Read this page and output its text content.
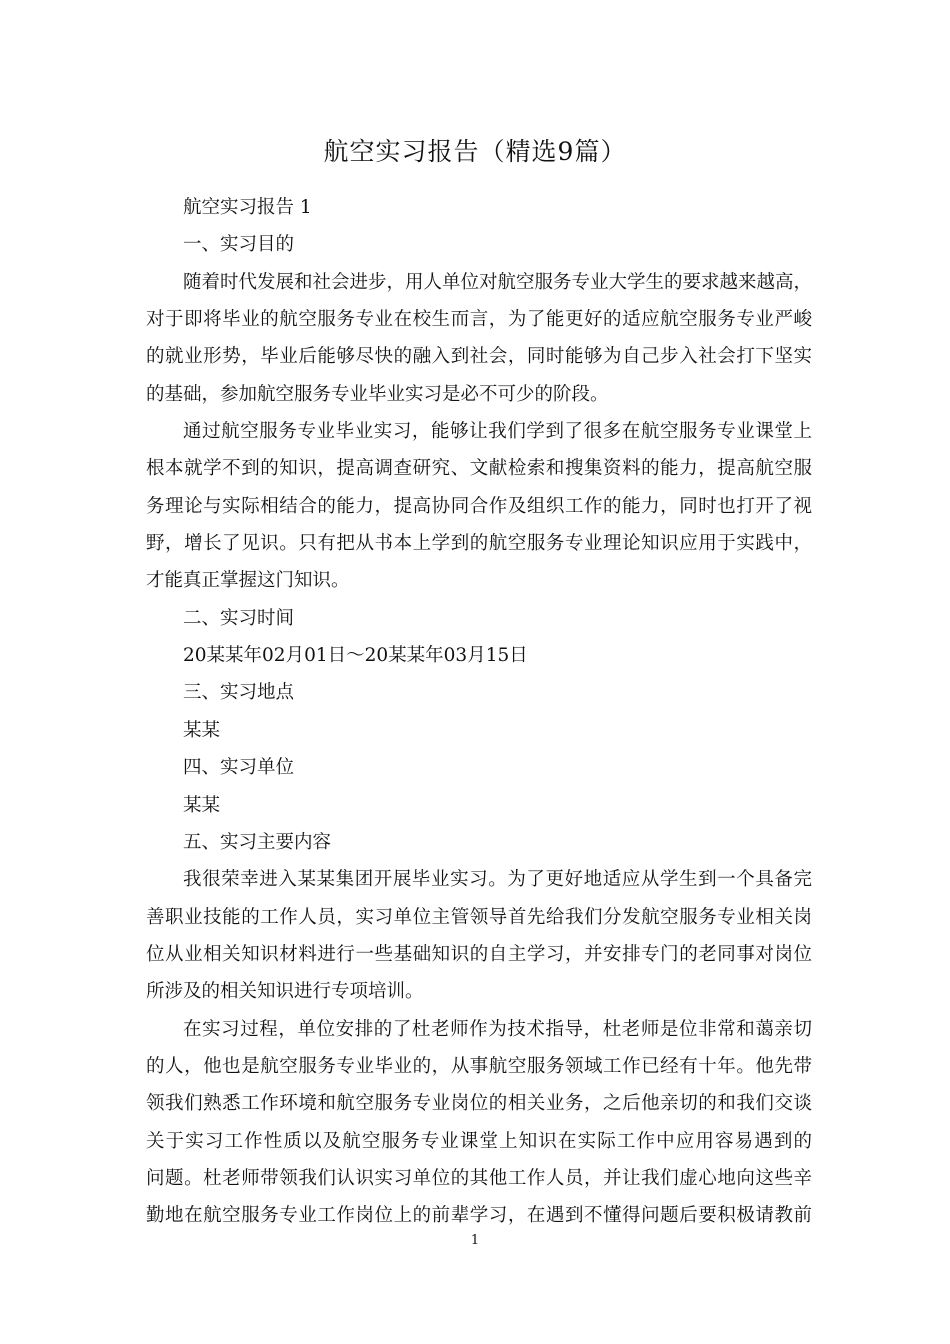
航空实习报告（精选9篇）
航空实习报告 1
一、实习目的
随着时代发展和社会进步，用人单位对航空服务专业大学生的要求越来越高，
对于即将毕业的航空服务专业在校生而言，为了能更好的适应航空服务专业严峻
的就业形势，毕业后能够尽快的融入到社会，同时能够为自己步入社会打下坚实
的基础，参加航空服务专业毕业实习是必不可少的阶段。
通过航空服务专业毕业实习，能够让我们学到了很多在航空服务专业课堂上
根本就学不到的知识，提高调查研究、文献检索和搜集资料的能力，提高航空服
务理论与实际相结合的能力，提高协同合作及组织工作的能力，同时也打开了视
野，增长了见识。只有把从书本上学到的航空服务专业理论知识应用于实践中，
才能真正掌握这门知识。
二、实习时间
20某某年02月01日～20某某年03月15日
三、实习地点
某某
四、实习单位
某某
五、实习主要内容
我很荣幸进入某某集团开展毕业实习。为了更好地适应从学生到一个具备完
善职业技能的工作人员，实习单位主管领导首先给我们分发航空服务专业相关岗
位从业相关知识材料进行一些基础知识的自主学习，并安排专门的老同事对岗位
所涉及的相关知识进行专项培训。
在实习过程，单位安排的了杜老师作为技术指导，杜老师是位非常和蔼亲切
的人，他也是航空服务专业毕业的，从事航空服务领域工作已经有十年。他先带
领我们熟悉工作环境和航空服务专业岗位的相关业务，之后他亲切的和我们交谈
关于实习工作性质以及航空服务专业课堂上知识在实际工作中应用容易遇到的
问题。杜老师带领我们认识实习单位的其他工作人员，并让我们虚心地向这些辛
勤地在航空服务专业工作岗位上的前辈学习，在遇到不懂得问题后要积极请教前
1
